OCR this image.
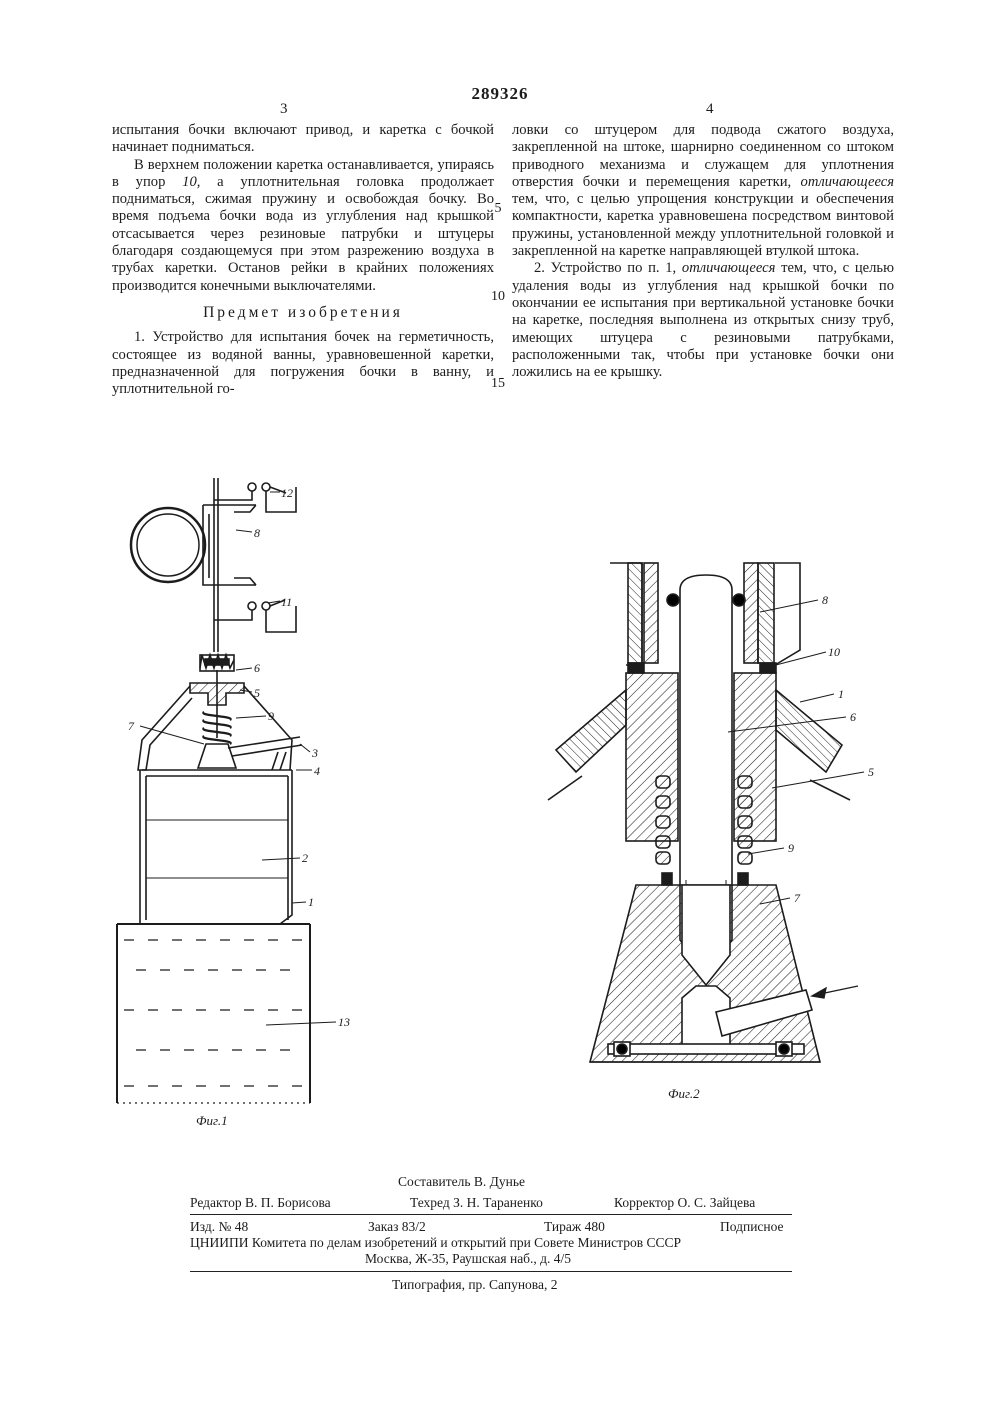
289326
3	4

испытания бочки включают привод, и каретка с бочкой начинает подниматься.

В верхнем положении каретка останавливается, упираясь в упор 10, а уплотнительная головка продолжает подниматься, сжимая пружину и освобождая бочку. Во время подъема бочки вода из углубления над крышкой отсасывается через резиновые патрубки и штуцеры благодаря создающемуся при этом разрежению воздуха в трубах каретки. Останов рейки в крайних положениях производится конечными выключателями.

Предмет изобретения

1. Устройство для испытания бочек на герметичность, состоящее из водяной ванны, уравновешенной каретки, предназначенной для погружения бочки в ванну, и уплотнительной го-

5
10
15

ловки со штуцером для подвода сжатого воздуха, закрепленной на штоке, шарнирно соединенном со штоком приводного механизма и служащем для уплотнения отверстия бочки и перемещения каретки, отличающееся тем, что, с целью упрощения конструкции и обеспечения компактности, каретка уравновешена посредством винтовой пружины, установленной между уплотнительной головкой и закрепленной на каретке направляющей втулкой штока.

2. Устройство по п. 1, отличающееся тем, что, с целью удаления воды из углубления над крышкой бочки по окончании ее испытания при вертикальной установке бочки на каретке, последняя выполнена из открытых снизу труб, имеющих штуцера с резиновыми патрубками, расположенными так, чтобы при установке бочки они ложились на ее крышку.

12
8
11
6
5
9
7
3
4
2
1
13
Фиг.1
8
10
1
6
5
9
7
Фиг.2
Составитель В. Дунье
Редактор В. П. Борисова	Техред З. Н. Тараненко	Корректор О. С. Зайцева
Изд. № 48	Заказ 83/2	Тираж 480	Подписное
ЦНИИПИ Комитета по делам изобретений и открытий при Совете Министров СССР
Москва, Ж-35, Раушская наб., д. 4/5
Типография, пр. Сапунова, 2
